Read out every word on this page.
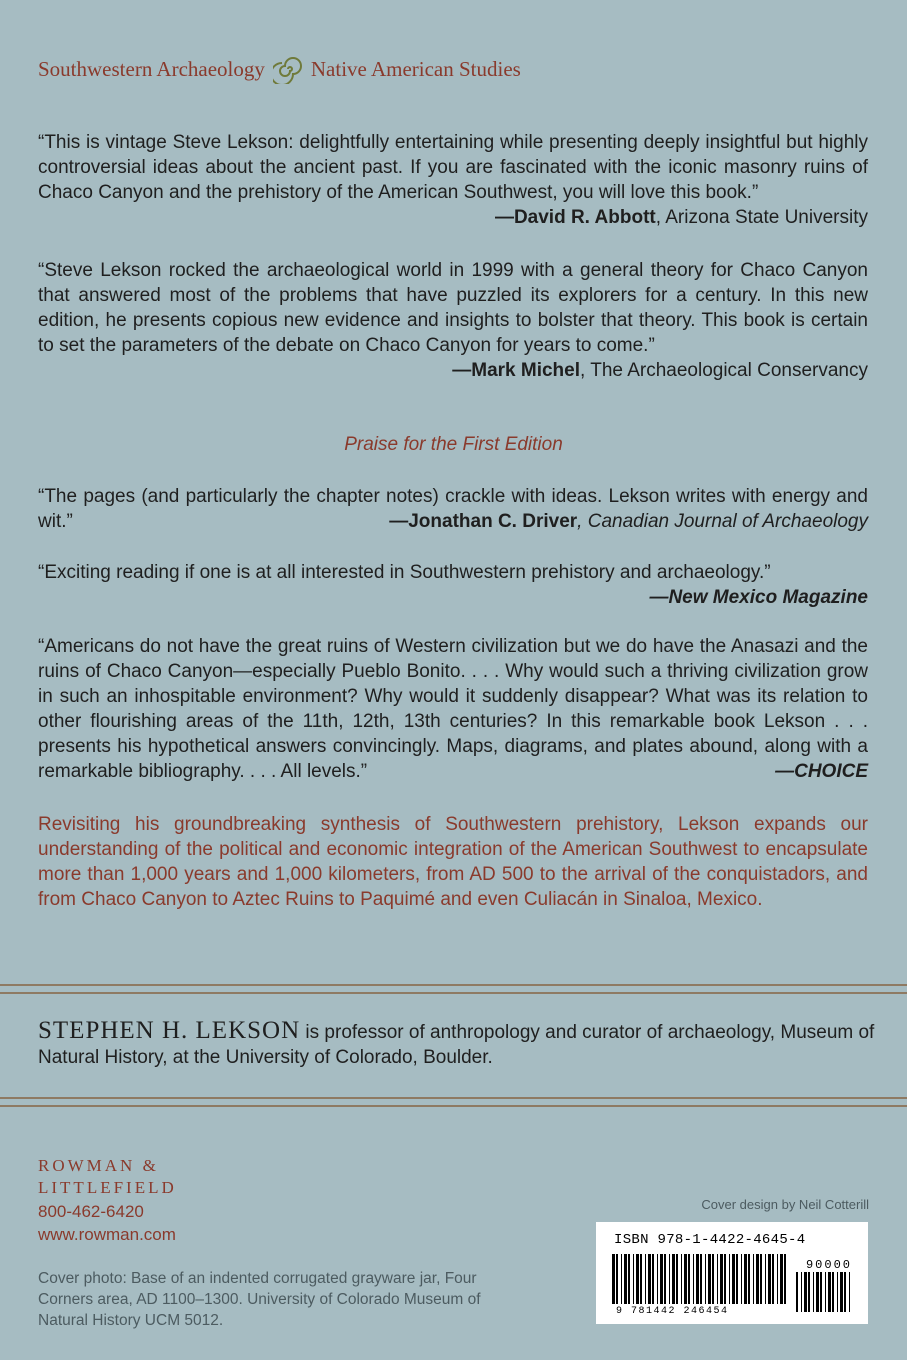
Southwestern Archaeology Native American Studies
“This is vintage Steve Lekson: delightfully entertaining while presenting deeply insightful but highly controversial ideas about the ancient past. If you are fascinated with the iconic masonry ruins of Chaco Canyon and the prehistory of the American Southwest, you will love this book.”
—David R. Abbott, Arizona State University
“Steve Lekson rocked the archaeological world in 1999 with a general theory for Chaco Canyon that answered most of the problems that have puzzled its explorers for a century. In this new edition, he presents copious new evidence and insights to bolster that theory. This book is certain to set the parameters of the debate on Chaco Canyon for years to come.”
—Mark Michel, The Archaeological Conservancy
Praise for the First Edition
“The pages (and particularly the chapter notes) crackle with ideas. Lekson writes with energy and wit.”	—Jonathan C. Driver, Canadian Journal of Archaeology
“Exciting reading if one is at all interested in Southwestern prehistory and archaeology.”
—New Mexico Magazine
“Americans do not have the great ruins of Western civilization but we do have the Anasazi and the ruins of Chaco Canyon—especially Pueblo Bonito. . . . Why would such a thriving civilization grow in such an inhospitable environment? Why would it suddenly disappear? What was its relation to other flourishing areas of the 11th, 12th, 13th centuries? In this remarkable book Lekson . . . presents his hypothetical answers convincingly. Maps, diagrams, and plates abound, along with a remarkable bibliography. . . . All levels.”	—CHOICE
Revisiting his groundbreaking synthesis of Southwestern prehistory, Lekson expands our understanding of the political and economic integration of the American Southwest to encapsulate more than 1,000 years and 1,000 kilometers, from AD 500 to the arrival of the conquistadors, and from Chaco Canyon to Aztec Ruins to Paquimé and even Culiacán in Sinaloa, Mexico.
STEPHEN H. LEKSON is professor of anthropology and curator of archaeology, Museum of Natural History, at the University of Colorado, Boulder.
ROWMAN &
LITTLEFIELD
800-462-6420
www.rowman.com
Cover photo: Base of an indented corrugated grayware jar, Four Corners area, AD 1100–1300. University of Colorado Museum of Natural History UCM 5012.
Cover design by Neil Cotterill
ISBN 978-1-4422-4645-4
90000
9 781442 246454
